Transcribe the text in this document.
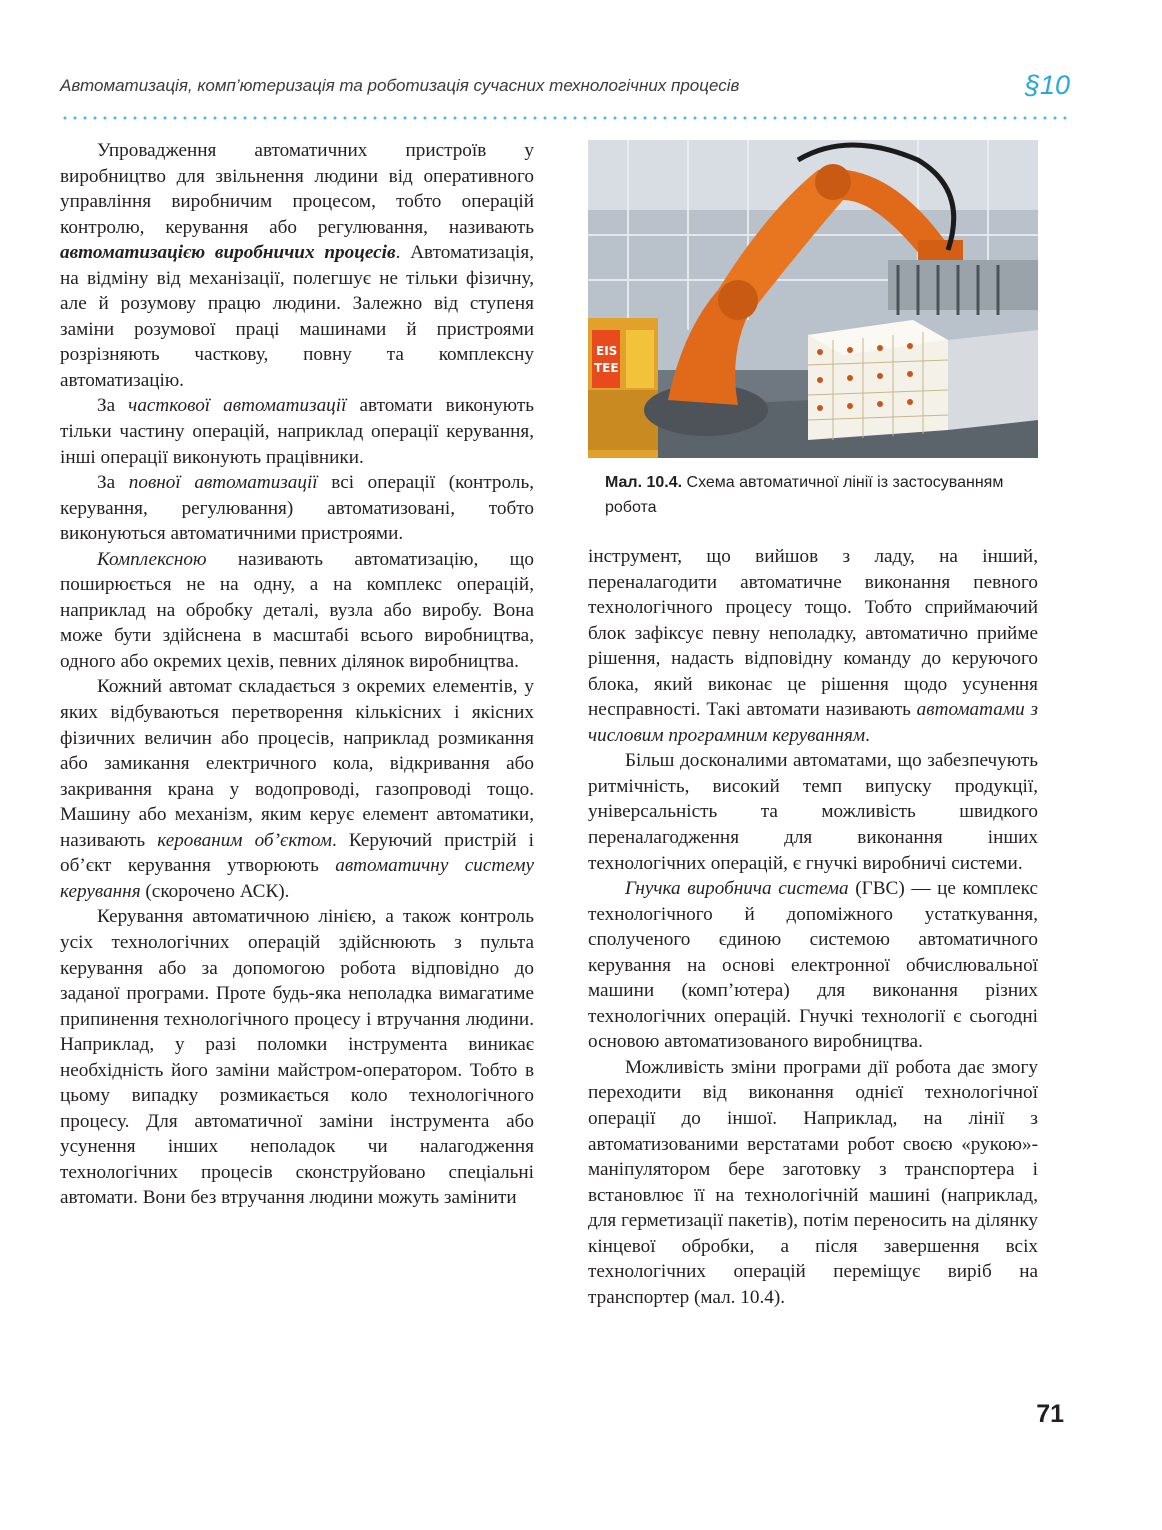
Автоматизація, комп’ютеризація та роботизація сучасних технологічних процесів	§10

Упровадження автоматичних пристроїв у виробництво для звільнення людини від оперативного управління виробничим процесом, тобто операцій контролю, керування або регулювання, називають автоматизацією виробничих процесів. Автоматизація, на відміну від механізації, полегшує не тільки фізичну, але й розумову працю людини. Залежно від ступеня заміни розумової праці машинами й пристроями розрізняють часткову, повну та комплексну автоматизацію.

За часткової автоматизації автомати виконують тільки частину операцій, наприклад операції керування, інші операції виконують працівники.

За повної автоматизації всі операції (контроль, керування, регулювання) автоматизовані, тобто виконуються автоматичними пристроями.

Комплексною називають автоматизацію, що поширюється не на одну, а на комплекс операцій, наприклад на обробку деталі, вузла або виробу. Вона може бути здійснена в масштабі всього виробництва, одного або окремих цехів, певних ділянок виробництва.

Кожний автомат складається з окремих елементів, у яких відбуваються перетворення кількісних і якісних фізичних величин або процесів, наприклад розмикання або замикання електричного кола, відкривання або закривання крана у водопроводі, газопроводі тощо. Машину або механізм, яким керує елемент автоматики, називають керованим об’єктом. Керуючий пристрій і об’єкт керування утворюють автоматичну систему керування (скорочено АСК).

Керування автоматичною лінією, а також контроль усіх технологічних операцій здійснюють з пульта керування або за допомогою робота відповідно до заданої програми. Проте будь-яка неполадка вимагатиме припинення технологічного процесу і втручання людини. Наприклад, у разі поломки інструмента виникає необхідність його заміни майстром-оператором. Тобто в цьому випадку розмикається коло технологічного процесу. Для автоматичної заміни інструмента або усунення інших неполадок чи налагодження технологічних процесів сконструйовано спеціальні автомати. Вони без втручання людини можуть замінити

EIS
TEE
Мал. 10.4. Схема автоматичної лінії із застосуванням робота

інструмент, що вийшов з ладу, на інший, переналагодити автоматичне виконання певного технологічного процесу тощо. Тобто сприймаючий блок зафіксує певну неполадку, автоматично прийме рішення, надасть відповідну команду до керуючого блока, який виконає це рішення щодо усунення несправності. Такі автомати називають автоматами з числовим програмним керуванням.

Більш досконалими автоматами, що забезпечують ритмічність, високий темп випуску продукції, універсальність та можливість швидкого переналагодження для виконання інших технологічних операцій, є гнучкі виробничі системи.

Гнучка виробнича система (ГВС) — це комплекс технологічного й допоміжного устаткування, сполученого єдиною системою автоматичного керування на основі електронної обчислювальної машини (комп’ютера) для виконання різних технологічних операцій. Гнучкі технології є сьогодні основою автоматизованого виробництва.

Можливість зміни програми дії робота дає змогу переходити від виконання однієї технологічної операції до іншої. Наприклад, на лінії з автоматизованими верстатами робот своєю «рукою»-маніпулятором бере заготовку з транспортера і встановлює її на технологічній машині (наприклад, для герметизації пакетів), потім переносить на ділянку кінцевої обробки, а після завершення всіх технологічних операцій переміщує виріб на транспортер (мал. 10.4).

71
